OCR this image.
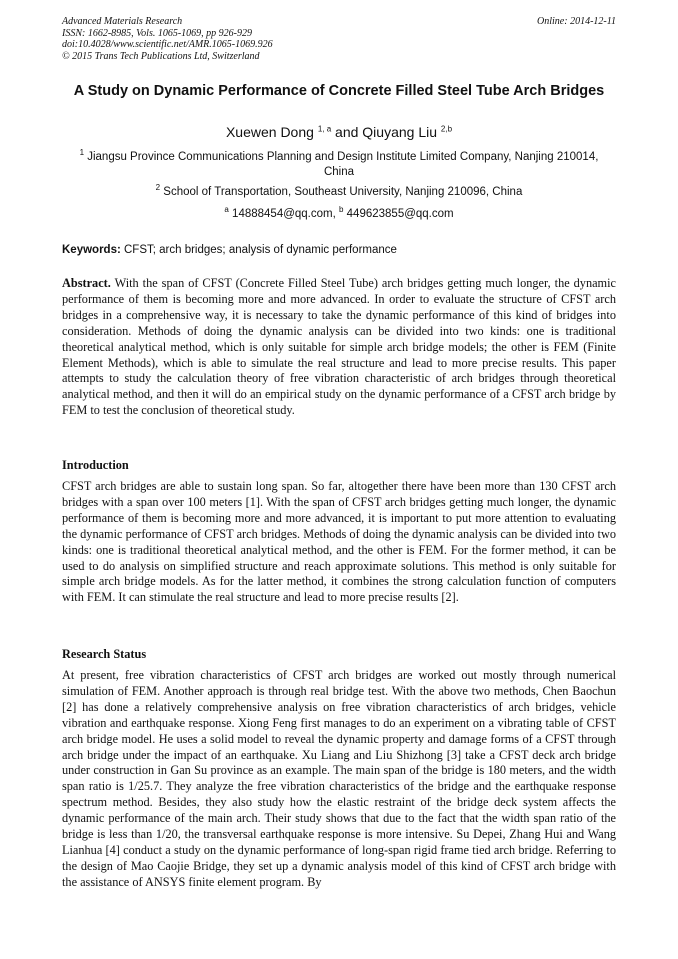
Advanced Materials Research
ISSN: 1662-8985, Vols. 1065-1069, pp 926-929
doi:10.4028/www.scientific.net/AMR.1065-1069.926
© 2015 Trans Tech Publications Ltd, Switzerland
Online: 2014-12-11
A Study on Dynamic Performance of Concrete Filled Steel Tube Arch Bridges
Xuewen Dong $^{1, a}$ and Qiuyang Liu $^{2,b}$
$^1$ Jiangsu Province Communications Planning and Design Institute Limited Company, Nanjing 210014, China
$^2$ School of Transportation, Southeast University, Nanjing 210096, China
$^a$ 14888454@qq.com, $^b$ 449623855@qq.com
Keywords: CFST; arch bridges; analysis of dynamic performance
Abstract. With the span of CFST (Concrete Filled Steel Tube) arch bridges getting much longer, the dynamic performance of them is becoming more and more advanced. In order to evaluate the structure of CFST arch bridges in a comprehensive way, it is necessary to take the dynamic performance of this kind of bridges into consideration. Methods of doing the dynamic analysis can be divided into two kinds: one is traditional theoretical analytical method, which is only suitable for simple arch bridge models; the other is FEM (Finite Element Methods), which is able to simulate the real structure and lead to more precise results. This paper attempts to study the calculation theory of free vibration characteristic of arch bridges through theoretical analytical method, and then it will do an empirical study on the dynamic performance of a CFST arch bridge by FEM to test the conclusion of theoretical study.
Introduction
CFST arch bridges are able to sustain long span. So far, altogether there have been more than 130 CFST arch bridges with a span over 100 meters [1]. With the span of CFST arch bridges getting much longer, the dynamic performance of them is becoming more and more advanced, it is important to put more attention to evaluating the dynamic performance of CFST arch bridges. Methods of doing the dynamic analysis can be divided into two kinds: one is traditional theoretical analytical method, and the other is FEM. For the former method, it can be used to do analysis on simplified structure and reach approximate solutions. This method is only suitable for simple arch bridge models. As for the latter method, it combines the strong calculation function of computers with FEM. It can stimulate the real structure and lead to more precise results [2].
Research Status
At present, free vibration characteristics of CFST arch bridges are worked out mostly through numerical simulation of FEM. Another approach is through real bridge test. With the above two methods, Chen Baochun [2] has done a relatively comprehensive analysis on free vibration characteristics of arch bridges, vehicle vibration and earthquake response. Xiong Feng first manages to do an experiment on a vibrating table of CFST arch bridge model. He uses a solid model to reveal the dynamic property and damage forms of a CFST through arch bridge under the impact of an earthquake. Xu Liang and Liu Shizhong [3] take a CFST deck arch bridge under construction in Gan Su province as an example. The main span of the bridge is 180 meters, and the width span ratio is 1/25.7. They analyze the free vibration characteristics of the bridge and the earthquake response spectrum method. Besides, they also study how the elastic restraint of the bridge deck system affects the dynamic performance of the main arch. Their study shows that due to the fact that the width span ratio of the bridge is less than 1/20, the transversal earthquake response is more intensive. Su Depei, Zhang Hui and Wang Lianhua [4] conduct a study on the dynamic performance of long-span rigid frame tied arch bridge. Referring to the design of Mao Caojie Bridge, they set up a dynamic analysis model of this kind of CFST arch bridge with the assistance of ANSYS finite element program. By
